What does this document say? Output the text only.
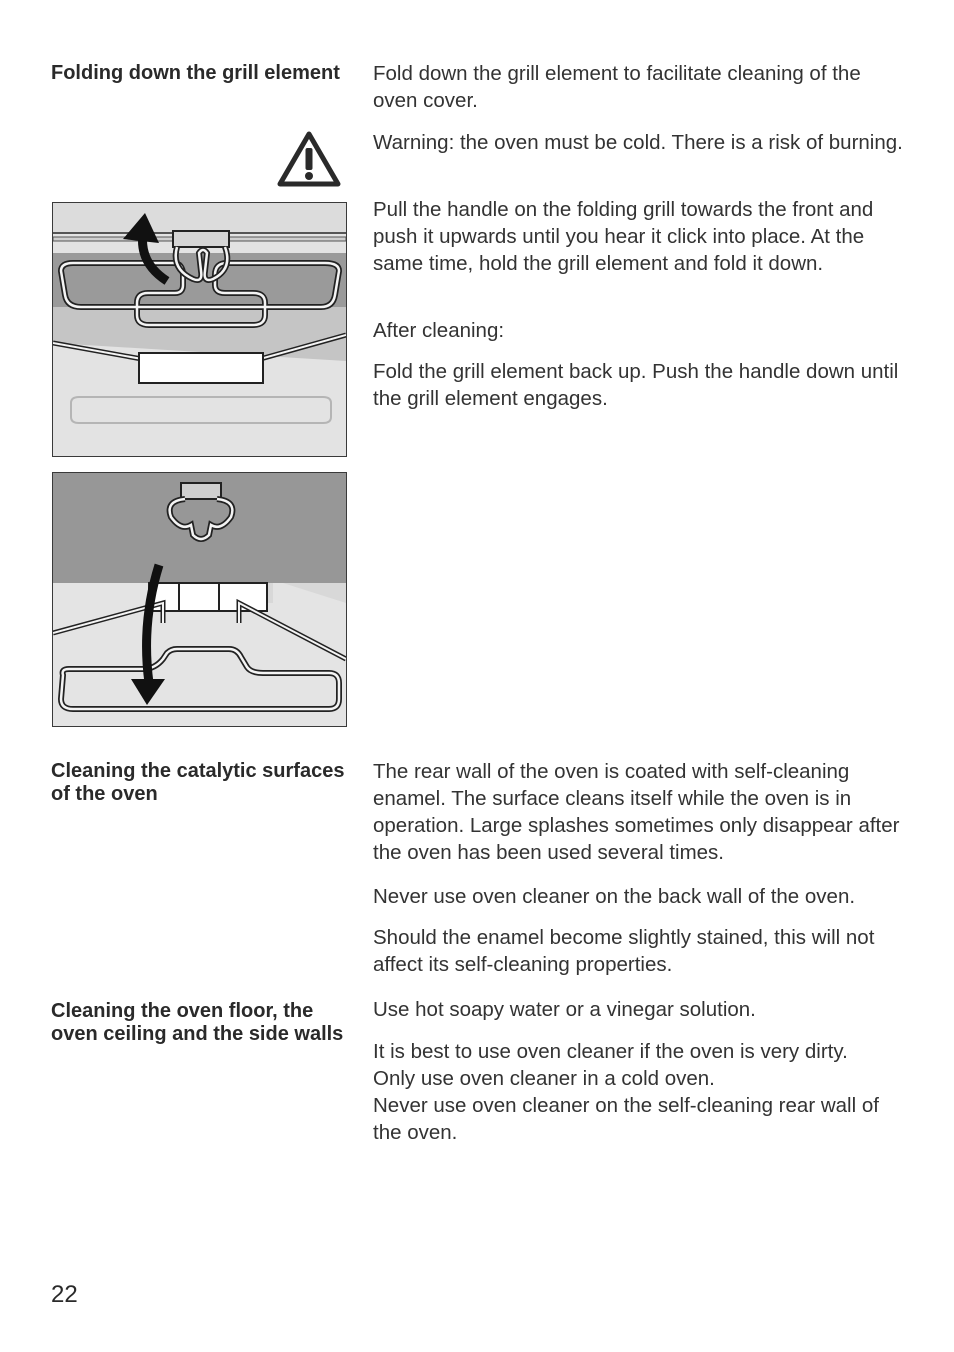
Folding down the grill element	Fold down the grill element to facilitate cleaning of the oven cover.
Warning: the oven must be cold. There is a risk of burning.
Pull the handle on the folding grill towards the front and push it upwards until you hear it click into place. At the same time, hold the grill element and fold it down.
After cleaning:
Fold the grill element back up. Push the handle down until the grill element engages.
Cleaning the catalytic surfaces of the oven
The rear wall of the oven is coated with self-cleaning enamel. The surface cleans itself while the oven is in operation. Large splashes sometimes only disappear after the oven has been used several times.
Never use oven cleaner on the back wall of the oven.
Should the enamel become slightly stained, this will not affect its self-cleaning properties.
Cleaning the oven floor, the oven ceiling and the side walls
Use hot soapy water or a vinegar solution.
It is best to use oven cleaner if the oven is very dirty.
Only use oven cleaner in a cold oven.
Never use oven cleaner on the self-cleaning rear wall of the oven.
22
